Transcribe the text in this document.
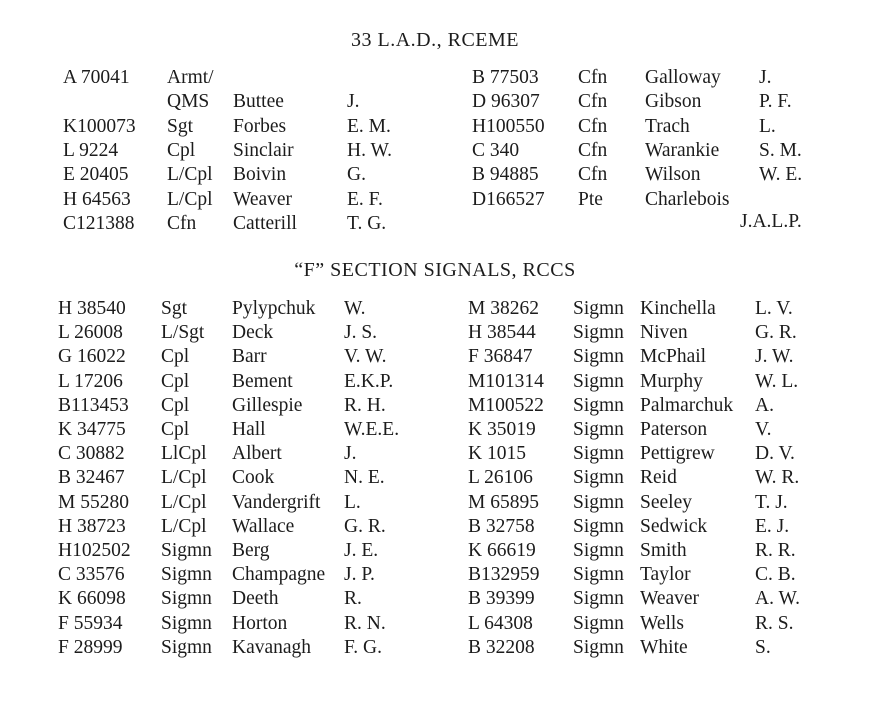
33 L.A.D., RCEME
A 70041 Armt/
QMS Buttee	J.
K100073 Sgt Forbes	E. M.
L 9224	Cpl Sinclair	H. W.
E 20405 L/Cpl Boivin	G.
H 64563 L/Cpl Weaver	E. F.
C121388 Cfn Catterill	T. G.
B 77503 Cfn Galloway J.
D 96307 Cfn Gibson	P. F.
H100550 Cfn Trach	L.
C 340	Cfn Warankie S. M.
B 94885 Cfn Wilson	W. E.
D166527 Pte Charlebois
J.A.L.P.
“F” SECTION SIGNALS, RCCS
H 38540 Sgt Pylypchuk W.
L 26008 L/Sgt Deck	J. S.
G 16022 Cpl Barr	V. W.
L 17206 Cpl Bement	E.K.P.
B113453 Cpl Gillespie R. H.
K 34775 Cpl Hall	W.E.E.
C 30882 LlCpl Albert	J.
B 32467 L/Cpl Cook	N. E.
M 55280 L/Cpl Vandergrift L.
H 38723 L/Cpl Wallace	G. R.
H102502 Sigmn Berg	J. E.
C 33576 Sigmn Champagne J. P.
K 66098 Sigmn Deeth	R.
F 55934 Sigmn Horton	R. N.
F 28999 Sigmn Kavanagh F. G.
M 38262 Sigmn Kinchella L. V.
H 38544 Sigmn Niven	G. R.
F 36847 Sigmn McPhail	J. W.
M101314 Sigmn Murphy	W. L.
M100522 Sigmn Palmarchuk A.
K 35019 Sigmn Paterson V.
K 1015 Sigmn Pettigrew D. V.
L 26106 Sigmn Reid	W. R.
M 65895 Sigmn Seeley	T. J.
B 32758 Sigmn Sedwick E. J.
K 66619 Sigmn Smith	R. R.
B132959 Sigmn Taylor	C. B.
B 39399 Sigmn Weaver	A. W.
L 64308 Sigmn Wells	R. S.
B 32208 Sigmn White	S.
